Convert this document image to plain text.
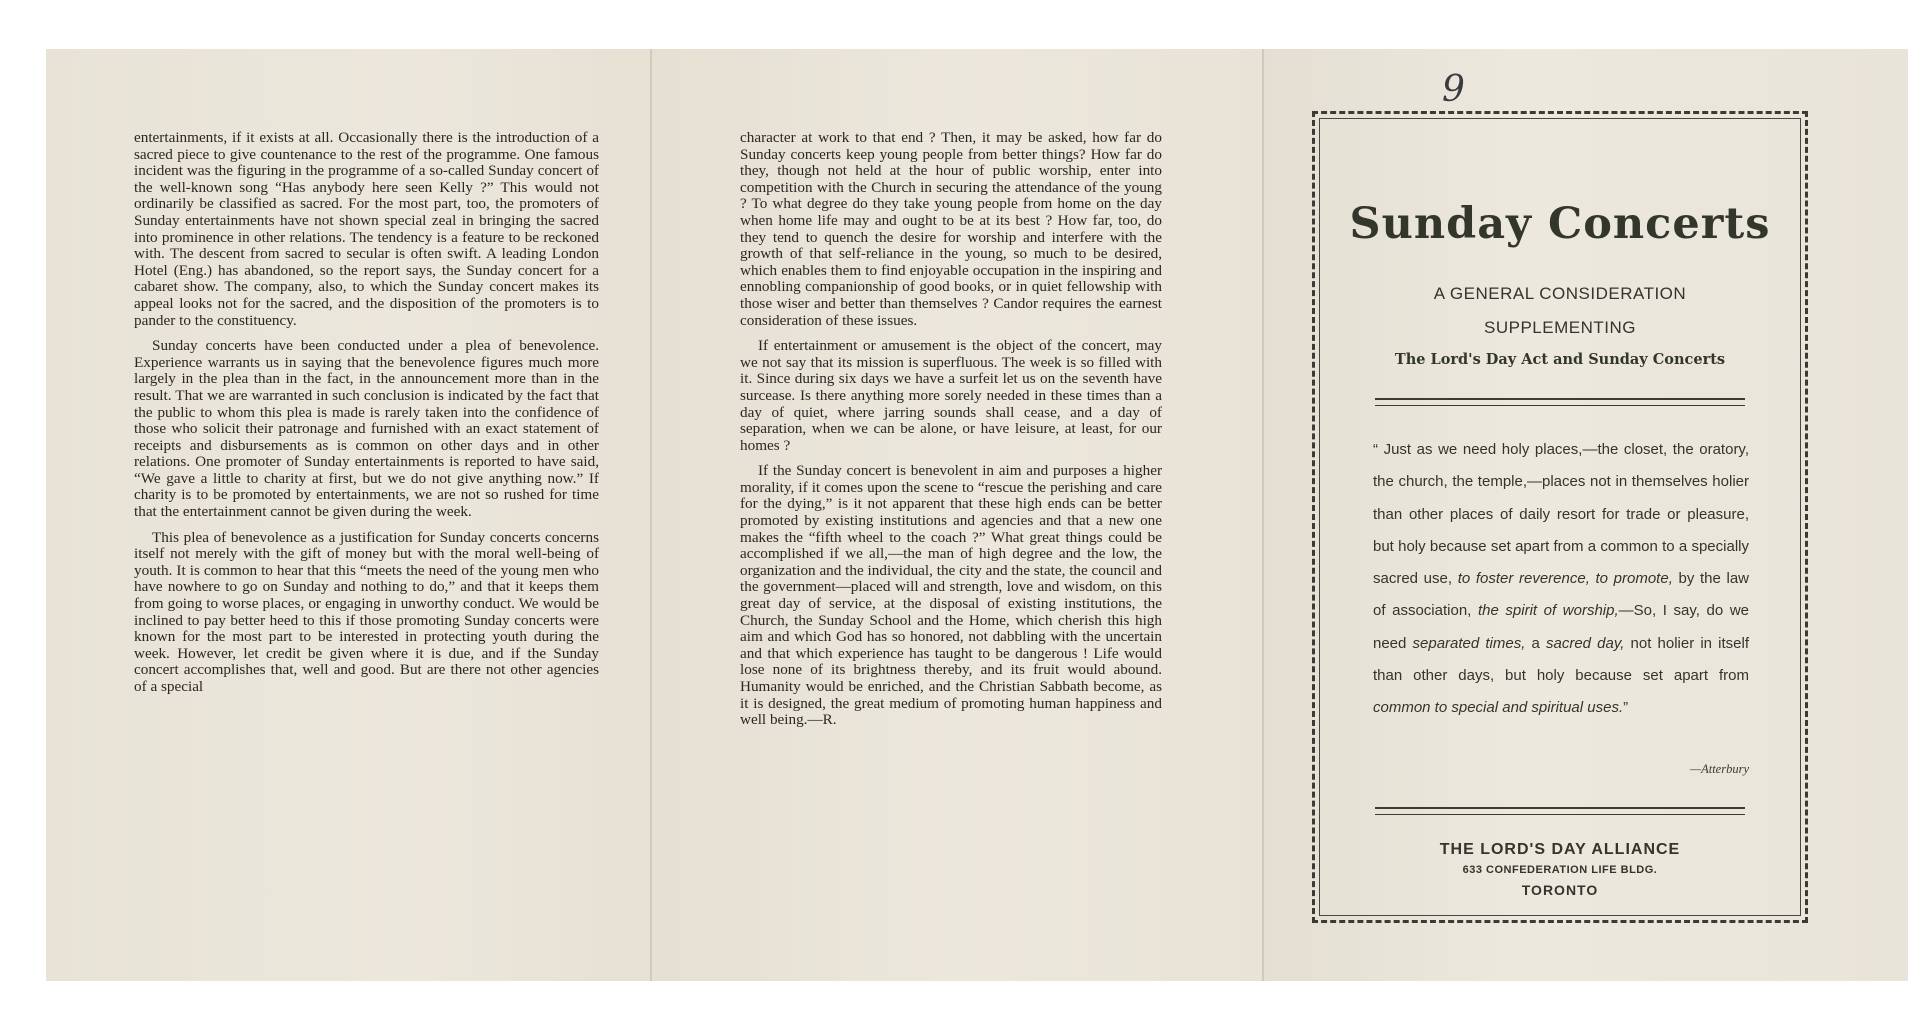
entertainments, if it exists at all. Occasionally there is the introduction of a sacred piece to give countenance to the rest of the programme. One famous incident was the figuring in the programme of a so-called Sunday concert of the well-known song “Has anybody here seen Kelly ?” This would not ordinarily be classified as sacred. For the most part, too, the promoters of Sunday entertainments have not shown special zeal in bringing the sacred into prominence in other relations. The tendency is a feature to be reckoned with. The descent from sacred to secular is often swift. A leading London Hotel (Eng.) has abandoned, so the report says, the Sunday concert for a cabaret show. The company, also, to which the Sunday concert makes its appeal looks not for the sacred, and the disposition of the promoters is to pander to the constituency.

Sunday concerts have been conducted under a plea of benevolence. Experience warrants us in saying that the benevolence figures much more largely in the plea than in the fact, in the announcement more than in the result. That we are warranted in such conclusion is indicated by the fact that the public to whom this plea is made is rarely taken into the confidence of those who solicit their patronage and furnished with an exact statement of receipts and disbursements as is common on other days and in other relations. One promoter of Sunday entertainments is reported to have said, “We gave a little to charity at first, but we do not give anything now.” If charity is to be promoted by entertainments, we are not so rushed for time that the entertainment cannot be given during the week.

This plea of benevolence as a justification for Sunday concerts concerns itself not merely with the gift of money but with the moral well-being of youth. It is common to hear that this “meets the need of the young men who have nowhere to go on Sunday and nothing to do,” and that it keeps them from going to worse places, or engaging in unworthy conduct. We would be inclined to pay better heed to this if those promoting Sunday concerts were known for the most part to be interested in protecting youth during the week. However, let credit be given where it is due, and if the Sunday concert accomplishes that, well and good. But are there not other agencies of a special

character at work to that end ? Then, it may be asked, how far do Sunday concerts keep young people from better things? How far do they, though not held at the hour of public worship, enter into competition with the Church in securing the attendance of the young ? To what degree do they take young people from home on the day when home life may and ought to be at its best ? How far, too, do they tend to quench the desire for worship and interfere with the growth of that self-reliance in the young, so much to be desired, which enables them to find enjoyable occupation in the inspiring and ennobling companionship of good books, or in quiet fellowship with those wiser and better than themselves ? Candor requires the earnest consideration of these issues.

If entertainment or amusement is the object of the concert, may we not say that its mission is superfluous. The week is so filled with it. Since during six days we have a surfeit let us on the seventh have surcease. Is there anything more sorely needed in these times than a day of quiet, where jarring sounds shall cease, and a day of separation, when we can be alone, or have leisure, at least, for our homes ?

If the Sunday concert is benevolent in aim and purposes a higher morality, if it comes upon the scene to “rescue the perishing and care for the dying,” is it not apparent that these high ends can be better promoted by existing institutions and agencies and that a new one makes the “fifth wheel to the coach ?” What great things could be accomplished if we all,—the man of high degree and the low, the organization and the individual, the city and the state, the council and the government—placed will and strength, love and wisdom, on this great day of service, at the disposal of existing institutions, the Church, the Sunday School and the Home, which cherish this high aim and which God has so honored, not dabbling with the uncertain and that which experience has taught to be dangerous ! Life would lose none of its brightness thereby, and its fruit would abound. Humanity would be enriched, and the Christian Sabbath become, as it is designed, the great medium of promoting human happiness and well being.—R.

9
Sunday Concerts
A GENERAL CONSIDERATION
SUPPLEMENTING
The Lord's Day Act and Sunday Concerts
“ Just as we need holy places,—the closet, the oratory, the church, the temple,—places not in themselves holier than other places of daily resort for trade or pleasure, but holy because set apart from a common to a specially sacred use, to foster reverence, to promote, by the law of association, the spirit of worship,—So, I say, do we need separated times, a sacred day, not holier in itself than other days, but holy because set apart from common to special and spiritual uses.”
—Atterbury
THE LORD'S DAY ALLIANCE
633 CONFEDERATION LIFE BLDG.
TORONTO
